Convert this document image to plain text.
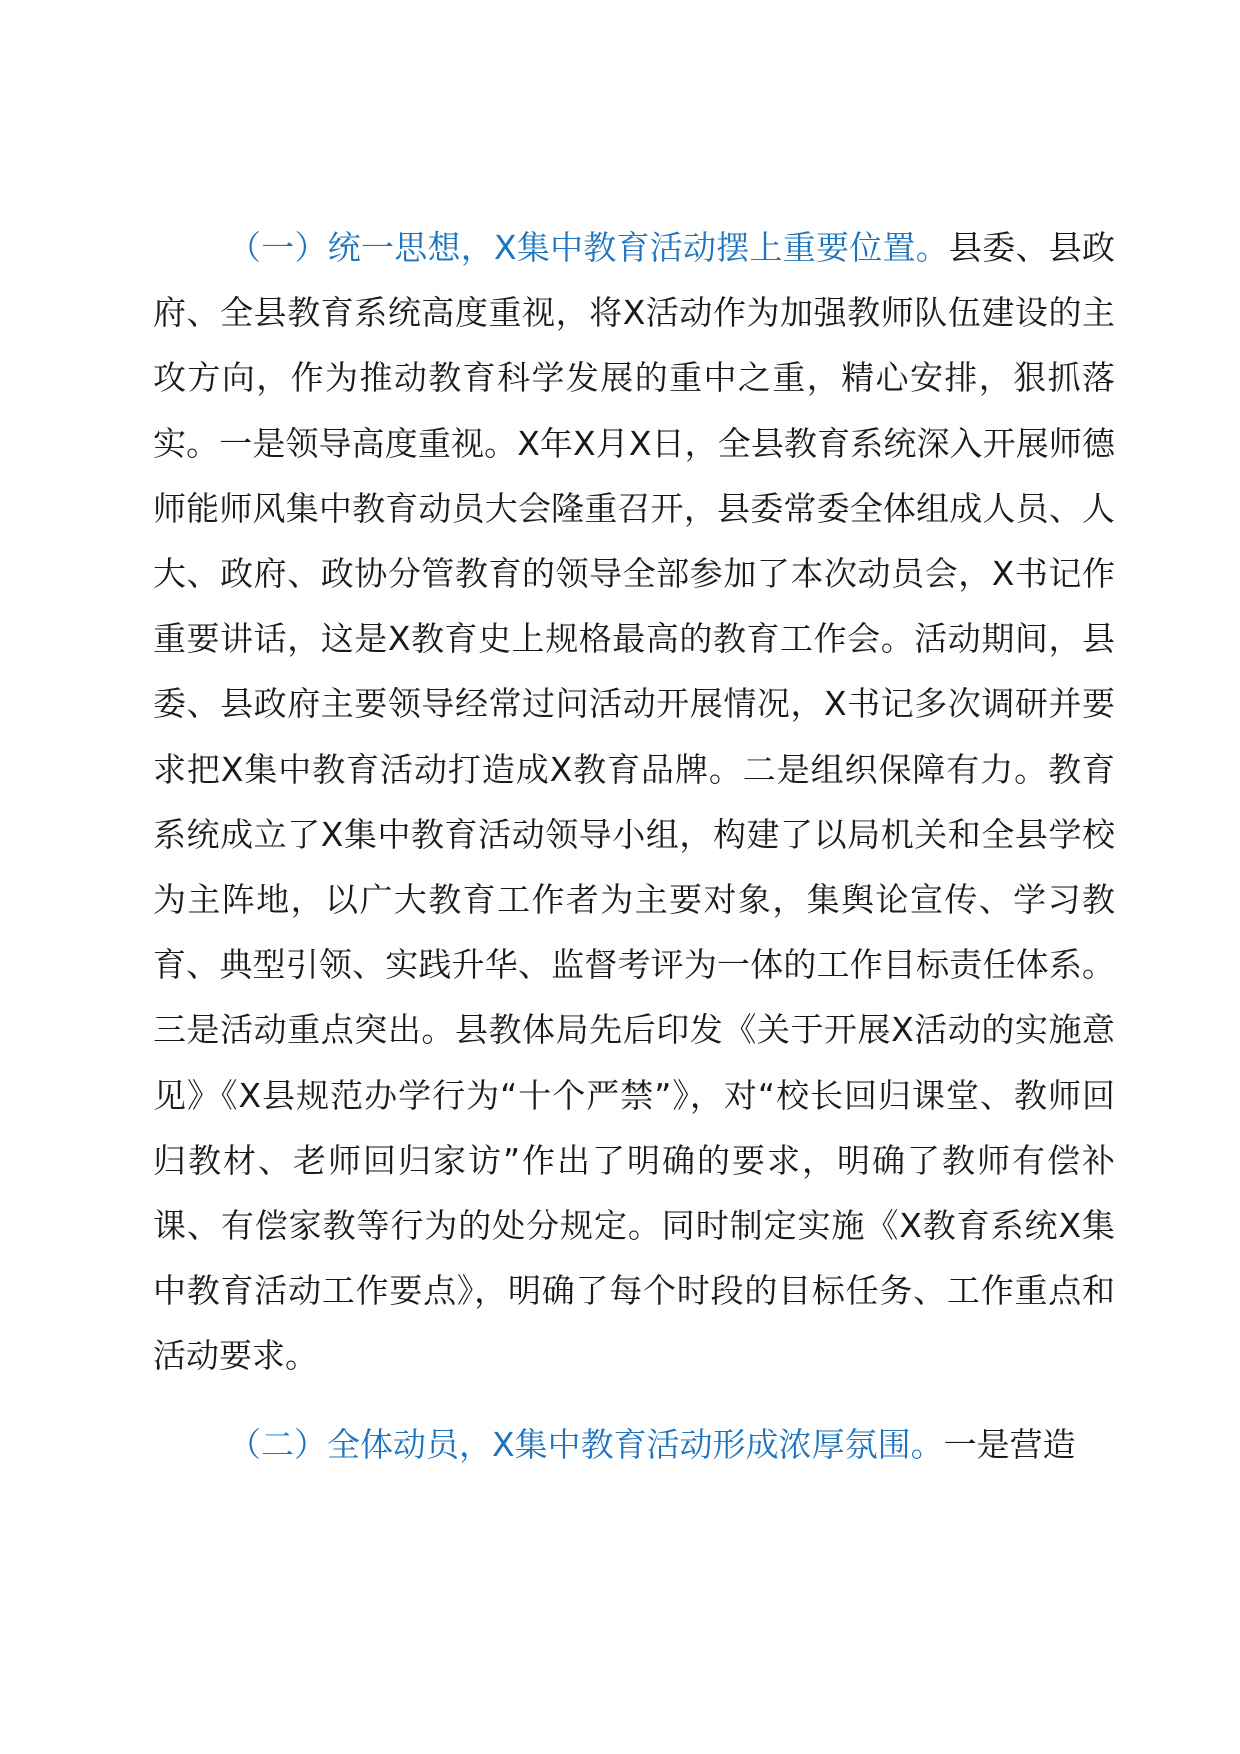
（一）统一思想，X集中教育活动摆上重要位置。县委、县政府、全县教育系统高度重视，将X活动作为加强教师队伍建设的主攻方向，作为推动教育科学发展的重中之重，精心安排，狠抓落实。一是领导高度重视。X年X月X日，全县教育系统深入开展师德师能师风集中教育动员大会隆重召开，县委常委全体组成人员、人大、政府、政协分管教育的领导全部参加了本次动员会，X书记作重要讲话，这是X教育史上规格最高的教育工作会。活动期间，县委、县政府主要领导经常过问活动开展情况，X书记多次调研并要求把X集中教育活动打造成X教育品牌。二是组织保障有力。教育系统成立了X集中教育活动领导小组，构建了以局机关和全县学校为主阵地，以广大教育工作者为主要对象，集舆论宣传、学习教育、典型引领、实践升华、监督考评为一体的工作目标责任体系。三是活动重点突出。县教体局先后印发《关于开展X活动的实施意见》《X县规范办学行为“十个严禁”》，对“校长回归课堂、教师回归教材、老师回归家访”作出了明确的要求，明确了教师有偿补课、有偿家教等行为的处分规定。同时制定实施《X教育系统X集中教育活动工作要点》，明确了每个时段的目标任务、工作重点和活动要求。

（二）全体动员，X集中教育活动形成浓厚氛围。一是营造
